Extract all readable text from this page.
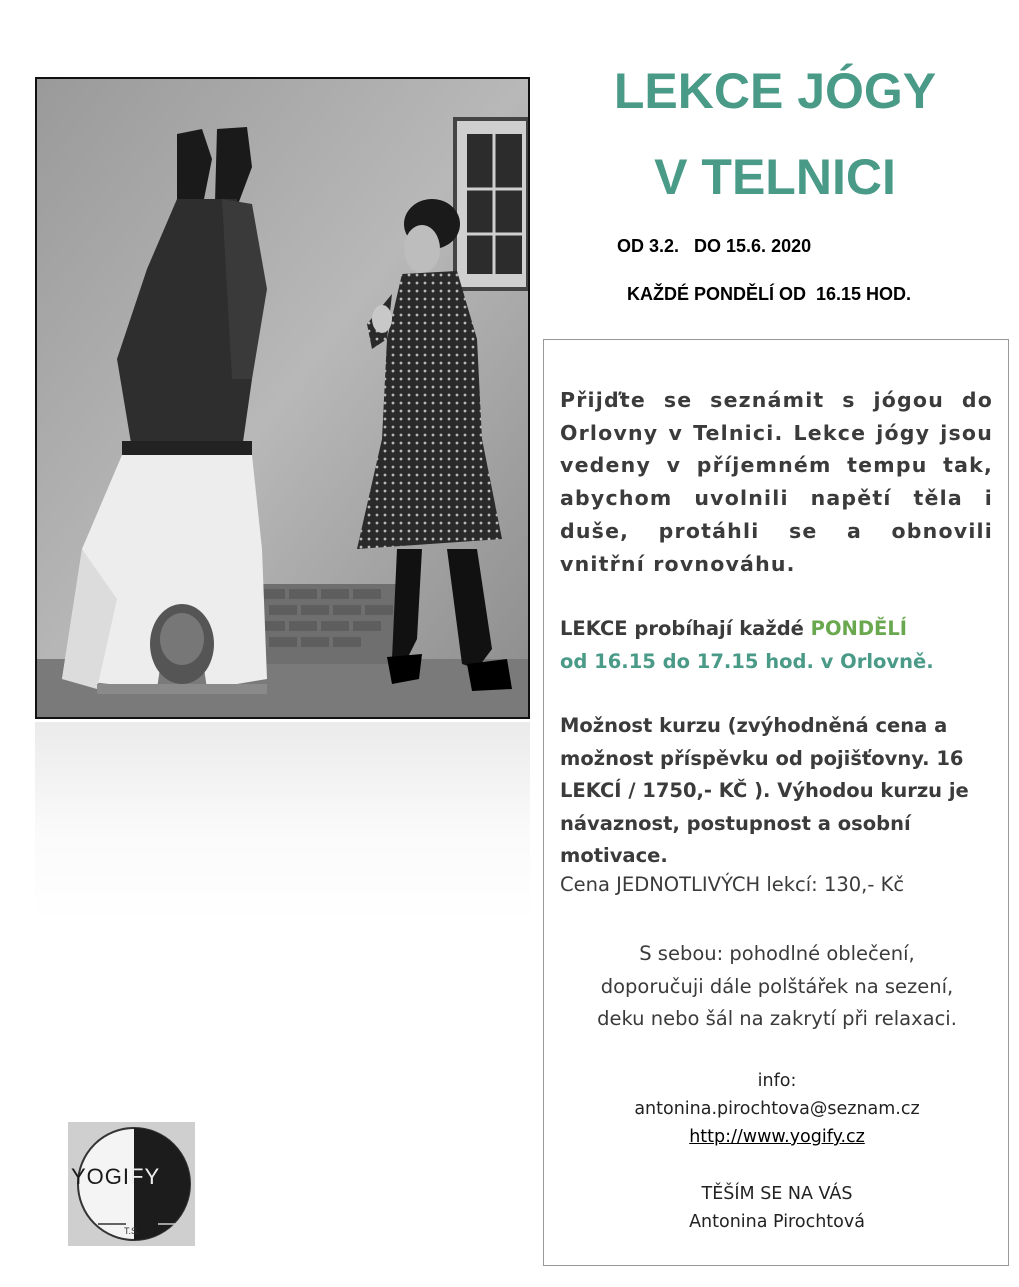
LEKCE JÓGY
V TELNICI
OD 3.2.   DO 15.6. 2020
KAŽDÉ PONDĚLÍ OD  16.15 HOD.

Přijďte se seznámit s jógou do Orlovny v Telnici. Lekce jógy jsou vedeny v příjemném tempu tak, abychom uvolnili napětí těla i duše, protáhli se a obnovili vnitřní rovnováhu.

LEKCE probíhají každé PONDĚLÍ
od 16.15 do 17.15 hod. v Orlovně.

Možnost kurzu (zvýhodněná cena a možnost příspěvku od pojišťovny. 16 LEKCÍ / 1750,- KČ ). Výhodou kurzu je návaznost, postupnost a osobní motivace.

Cena JEDNOTLIVÝCH lekcí: 130,- Kč

S sebou: pohodlné oblečení,
doporučuji dále polštářek na sezení,
deku nebo šál na zakrytí při relaxaci.

info:
antonina.pirochtova@seznam.cz
http://www.yogify.cz

TĚŠÍM SE NA VÁS
Antonina Pirochtová

YOGIFY
T.S.
